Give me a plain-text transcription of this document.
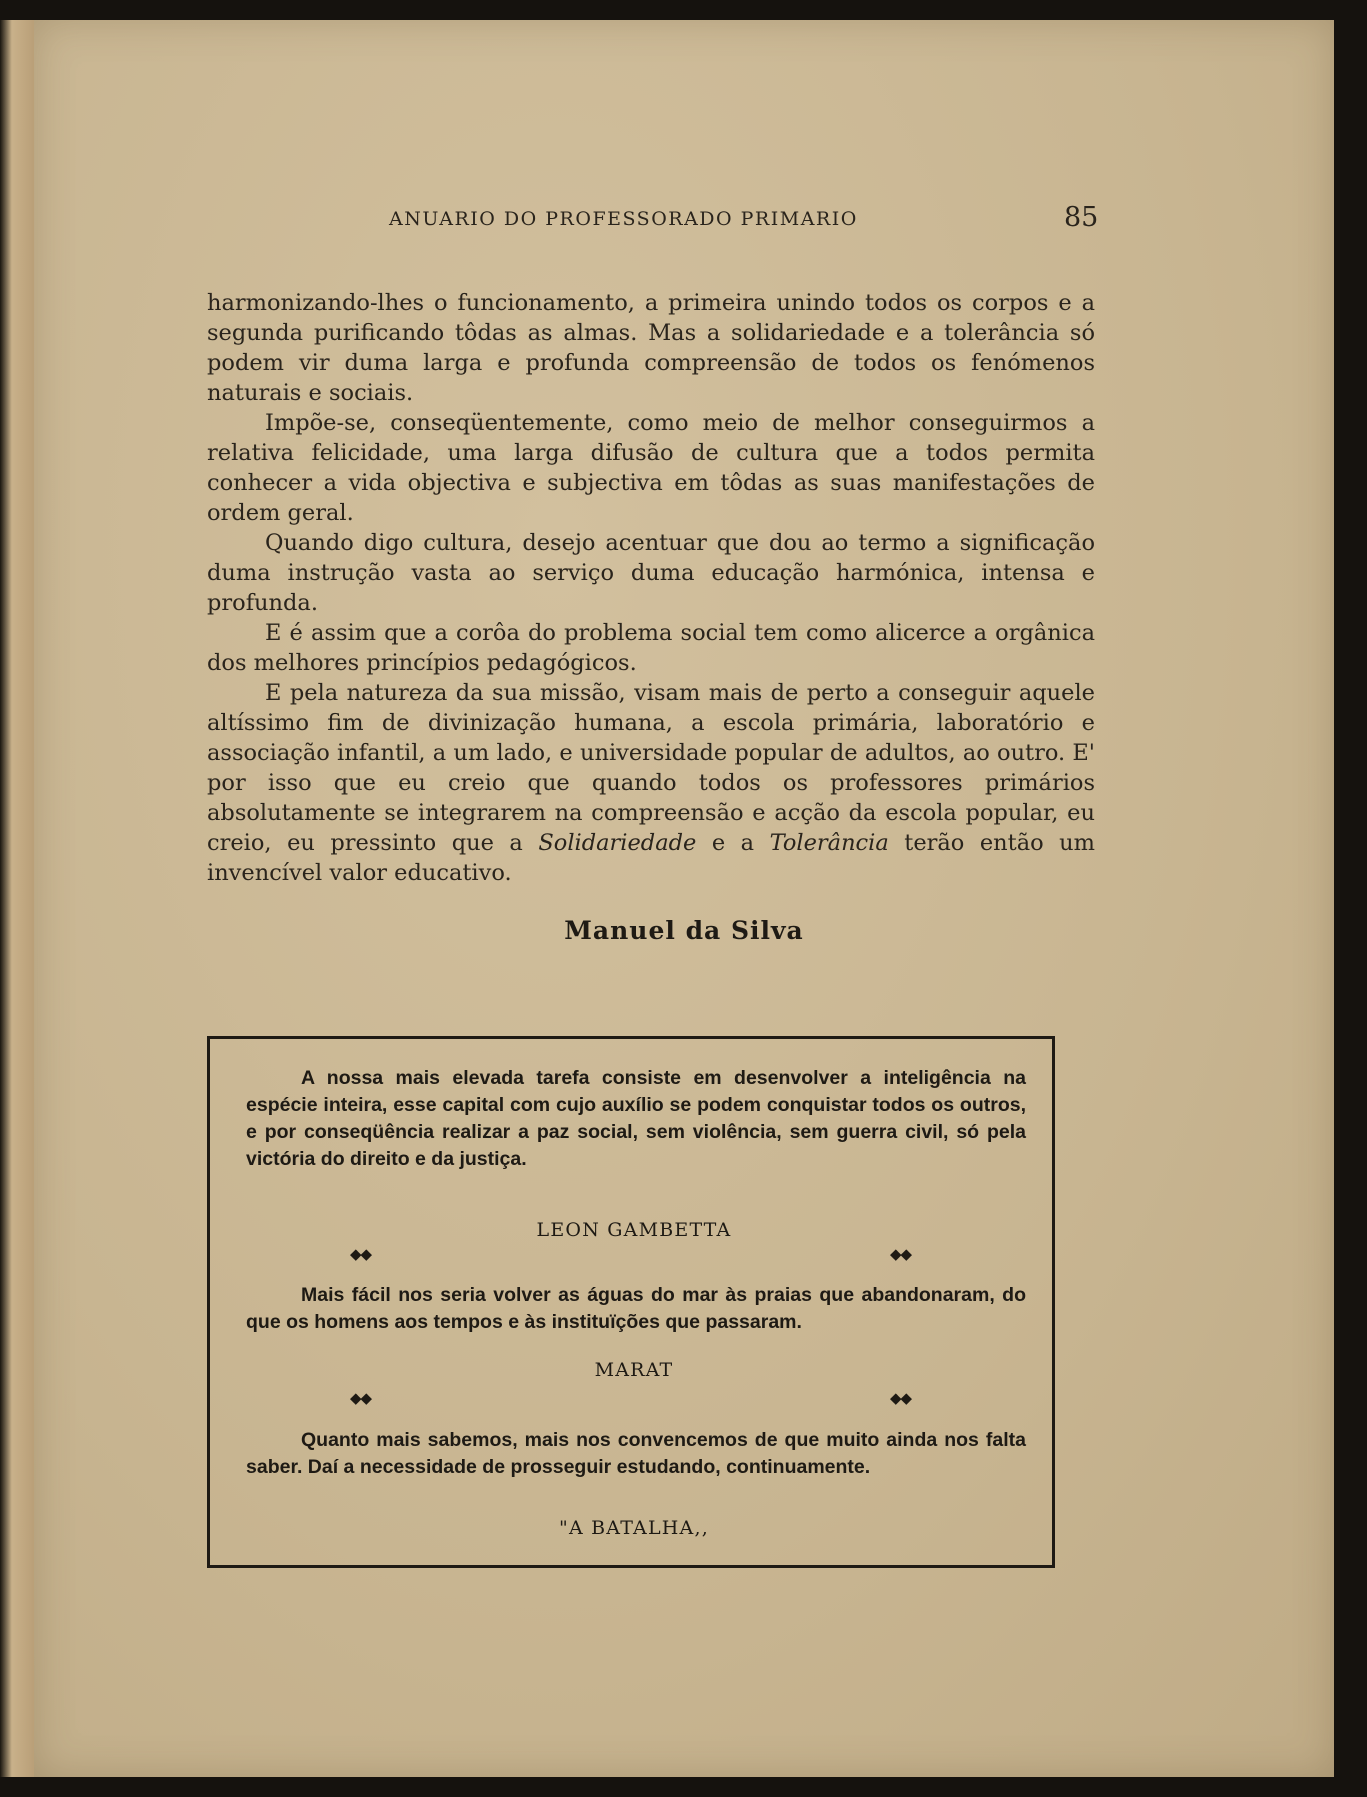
ANUARIO DO PROFESSORADO PRIMARIO	85

harmonizando-lhes o funcionamento, a primeira unindo todos os corpos e a segunda purificando tôdas as almas. Mas a solidariedade e a tolerância só podem vir duma larga e profunda compreensão de todos os fenómenos naturais e sociais.

Impõe-se, conseqüentemente, como meio de melhor conseguirmos a relativa felicidade, uma larga difusão de cultura que a todos permita conhecer a vida objectiva e subjectiva em tôdas as suas manifestações de ordem geral.

Quando digo cultura, desejo acentuar que dou ao termo a significação duma instrução vasta ao serviço duma educação harmónica, intensa e profunda.

E é assim que a corôa do problema social tem como alicerce a orgânica dos melhores princípios pedagógicos.

E pela natureza da sua missão, visam mais de perto a conseguir aquele altíssimo fim de divinização humana, a escola primária, laboratório e associação infantil, a um lado, e universidade popular de adultos, ao outro. E' por isso que eu creio que quando todos os professores primários absolutamente se integrarem na compreensão e acção da escola popular, eu creio, eu pressinto que a Solidariedade e a Tolerância terão então um invencível valor educativo.

Manuel da Silva

A nossa mais elevada tarefa consiste em desenvolver a inteligência na espécie inteira, esse capital com cujo auxílio se podem conquistar todos os outros, e por conseqüência realizar a paz social, sem violência, sem guerra civil, só pela victória do direito e da justiça.

LEON GAMBETTA
◆◆	◆◆

Mais fácil nos seria volver as águas do mar às praias que abandonaram, do que os homens aos tempos e às instituïções que passaram.

MARAT
◆◆	◆◆

Quanto mais sabemos, mais nos convencemos de que muito ainda nos falta saber. Daí a necessidade de prosseguir estudando, continuamente.

"A BATALHA,,
